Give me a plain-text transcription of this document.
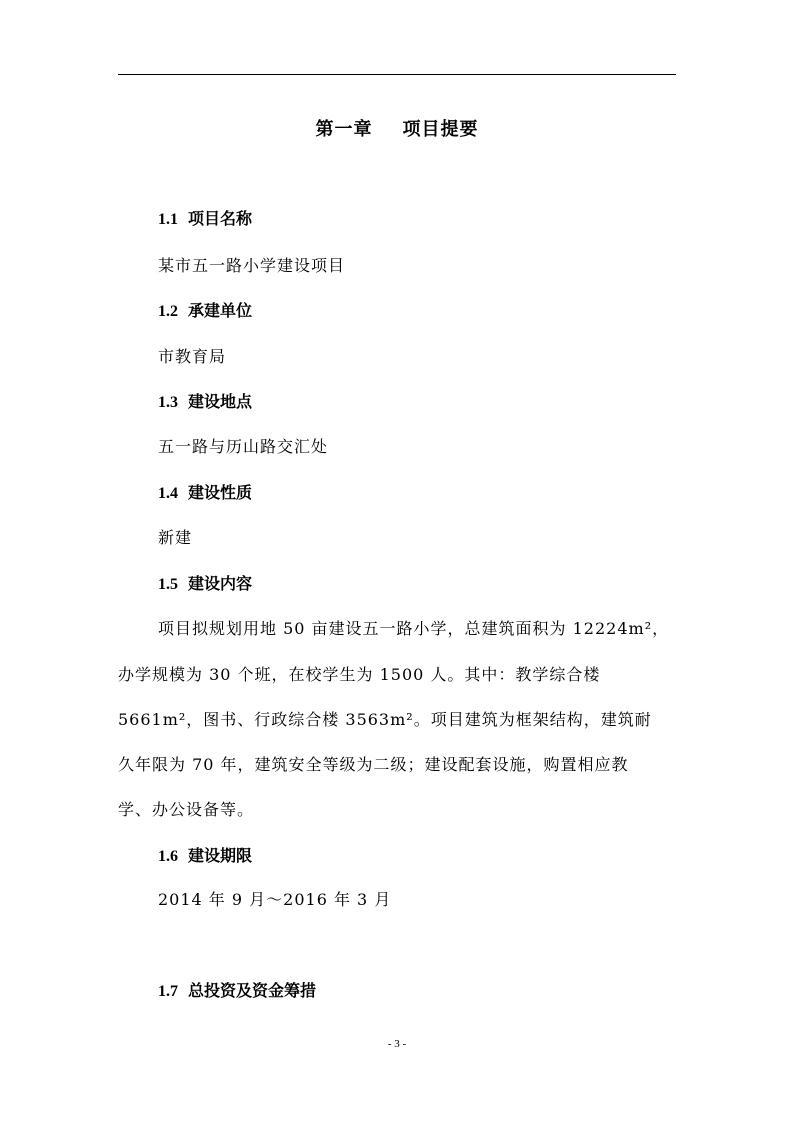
第一章 项目提要
1.1 项目名称
某市五一路小学建设项目
1.2 承建单位
市教育局
1.3 建设地点
五一路与历山路交汇处
1.4 建设性质
新建
1.5 建设内容
项目拟规划用地 50 亩建设五一路小学，总建筑面积为 12224m²，
办学规模为 30 个班，在校学生为 1500 人。其中：教学综合楼
5661m²，图书、行政综合楼 3563m²。项目建筑为框架结构，建筑耐
久年限为 70 年，建筑安全等级为二级；建设配套设施，购置相应教
学、办公设备等。
1.6 建设期限
2014 年 9 月～2016 年 3 月
1.7 总投资及资金筹措
- 3 -
